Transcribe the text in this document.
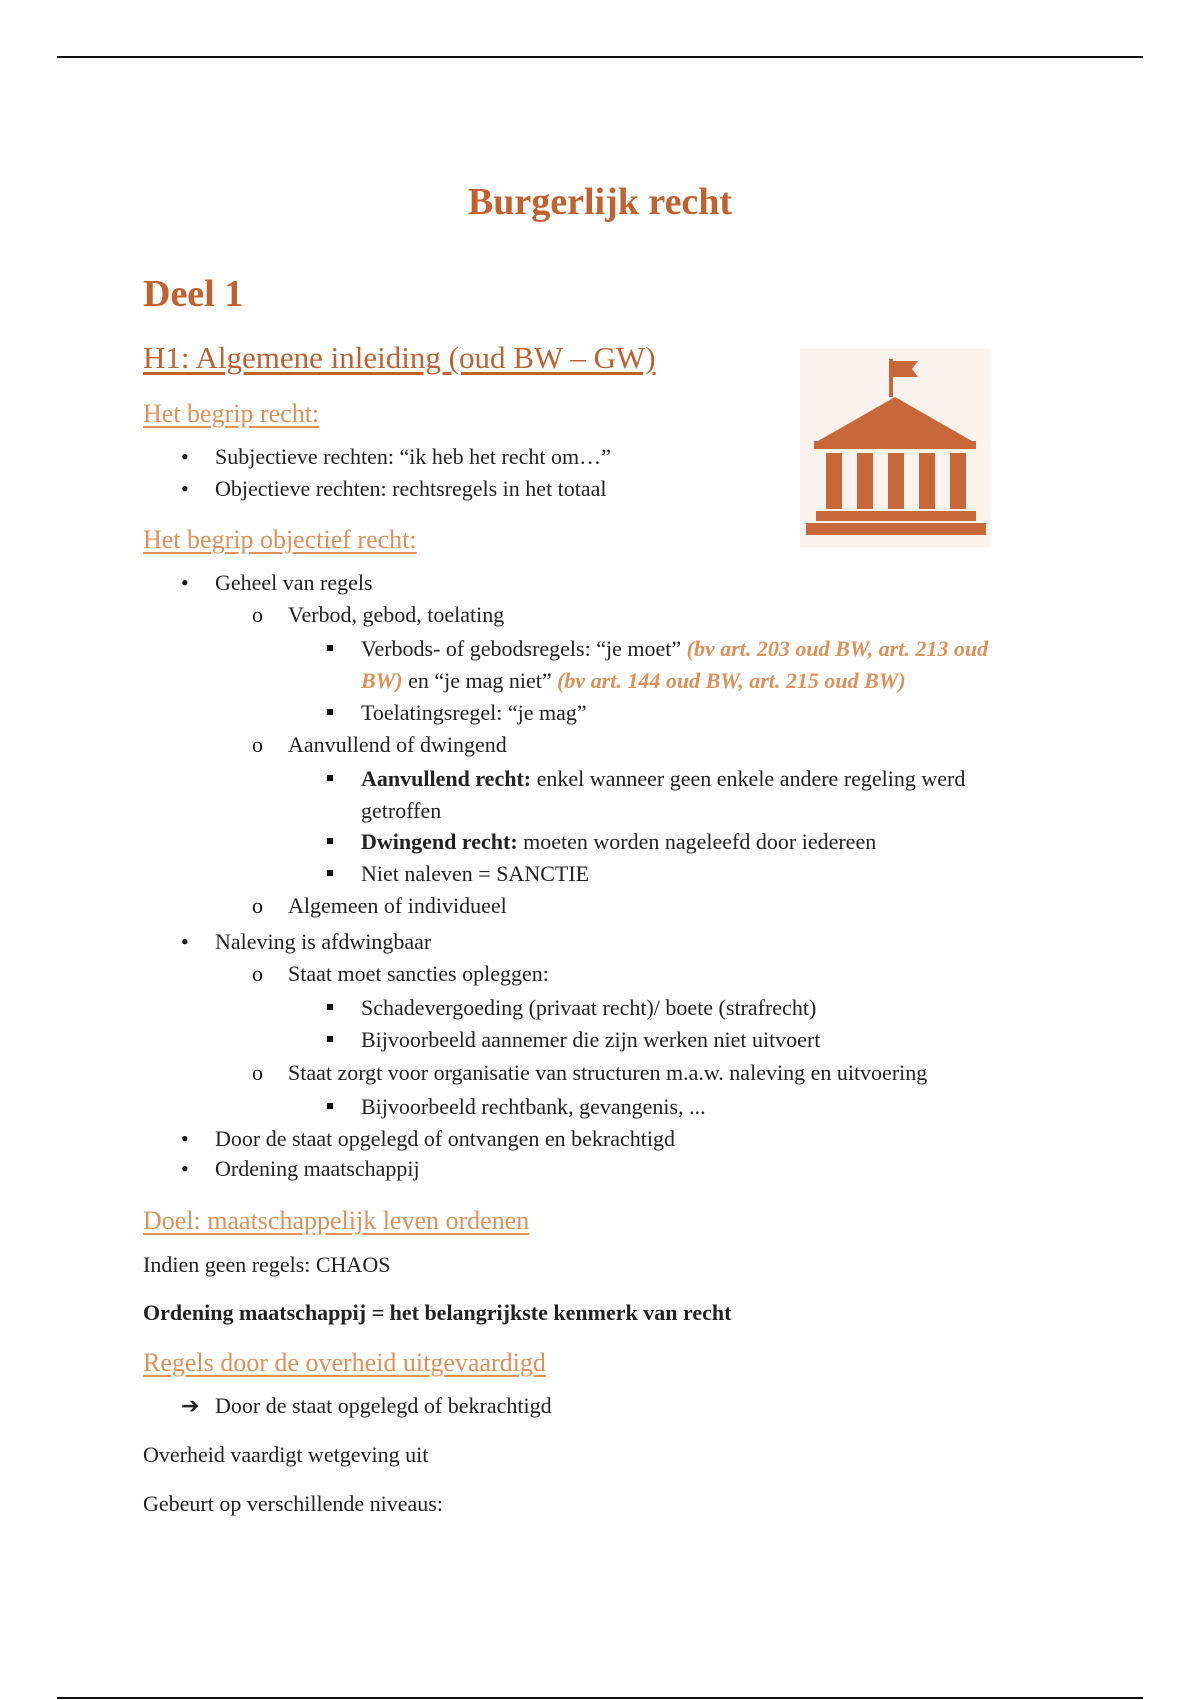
Burgerlijk recht
Deel 1
H1: Algemene inleiding (oud BW – GW)
Het begrip recht:
• Subjectieve rechten: “ik heb het recht om…”
• Objectieve rechten: rechtsregels in het totaal
Het begrip objectief recht:
• Geheel van regels
o Verbod, gebod, toelating
Verbods- of gebodsregels: “je moet” (bv art. 203 oud BW, art. 213 oud
BW) en “je mag niet” (bv art. 144 oud BW, art. 215 oud BW)
Toelatingsregel: “je mag”
o Aanvullend of dwingend
Aanvullend recht: enkel wanneer geen enkele andere regeling werd
getroffen
Dwingend recht: moeten worden nageleefd door iedereen
Niet naleven = SANCTIE
o Algemeen of individueel
• Naleving is afdwingbaar
o Staat moet sancties opleggen:
Schadevergoeding (privaat recht)/ boete (strafrecht)
Bijvoorbeeld aannemer die zijn werken niet uitvoert
o Staat zorgt voor organisatie van structuren m.a.w. naleving en uitvoering
Bijvoorbeeld rechtbank, gevangenis, ...
• Door de staat opgelegd of ontvangen en bekrachtigd
• Ordening maatschappij
Doel: maatschappelijk leven ordenen
Indien geen regels: CHAOS
Ordening maatschappij = het belangrijkste kenmerk van recht
Regels door de overheid uitgevaardigd
➔ Door de staat opgelegd of bekrachtigd
Overheid vaardigt wetgeving uit
Gebeurt op verschillende niveaus:
